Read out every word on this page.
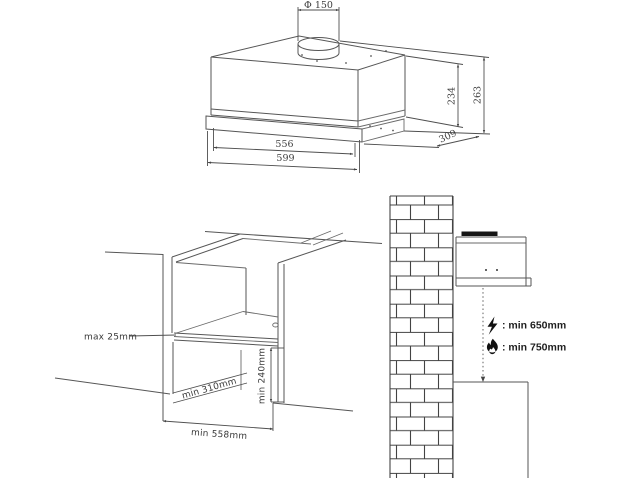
Φ 150
234 263
309
556
599
max 25mm
min 310mm min 240mm
min 558mm
: min 650mm
: min 750mm
